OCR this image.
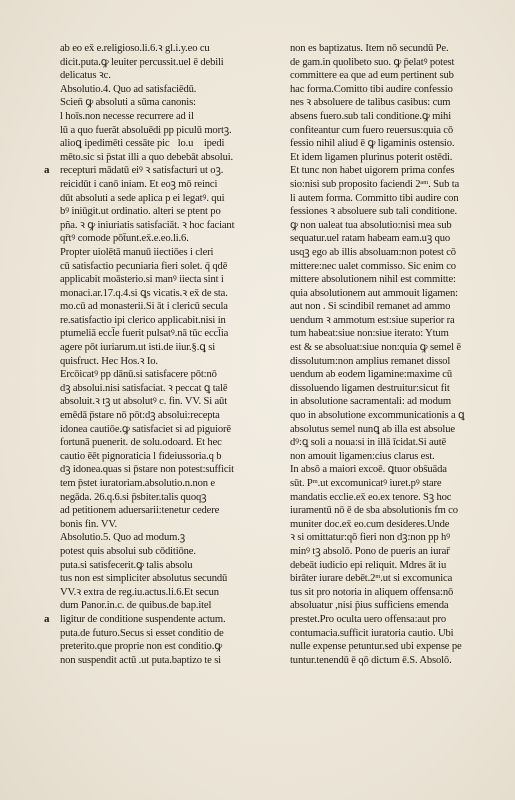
a
a
ab eo ex̄ e.religioso.li.6.ꝛ gl.i.y.eo cu
dicit.puta.ꝙ leuiter percussit.uel ē debili
delicatus ꝛc.
Absolutio.4. Quo ad satisfaciēdū.
Scien̄ ꝙ absoluti a sūma canonis:
l hoīs.non necesse recurrere ad il
lū a quo fuerāt absoluēdi pp piculū mortꝫ.
alioꝗ ipedimēti cessāte picᷣlo.uꝫ ipedi
mēto.sic si p̄stat illi a quo debebāt absolui.
recepturi mādatū eiꝰ ꝛ satisfacturi ut oꝫ.
reicidūt i canō iniam. Et eoꝫ mō reinci
dūt absoluti a sede aplica p ei legatꝰ. qui
bꝰ iniūgit.ut ordinatio. alteri se ptent po
pña. ꝛ ꝙ iniuriatis satisfaciāt. ꝛ hoc faciant
qr̄tꝰ comode pōt̄unt.ex̄.e.eo.li.6.
Propter uiolētā manuū iiectiōes i cleri
cū satisfactio pecuniaria fieri solet. q̄ qdē
applicabit moāsterio.si manꝰ iiecta sint i
monaci.ar.17.q.4.si ꝗs vicatis.ꝛ ex̄ de sta.
mo.cū ad monasterii.Si āt i clericū secula
re.satisfactio ipi clerico applicabit.nisi in
ptumeliā eccl̄e fuerit pulsatꝰ.nā tūc eccl̄ia
agere pōt iuriarum.ut isti.de iiur.§.ꝗ si
quisfruct. Hec Hos.ꝛ Io.
Ercōicatꝰ pp dānū.si satisfacere pōt:nō
dꝫ absolui.nisi satisfaciat. ꝛ peccat ꝗ talē
absoluit.ꝛ tꝫ ut absolutꝰ c. fin. VV. Si aūt
emēdā p̄stare nō pōt:dꝫ absolui:recepta
idonea cautiōe.ꝙ satisfaciet si ad piguiorē
fortunā puenerit. de solu.odoard. Et hec
cautio ēēt pignoraticia l fideiussoria.q b
dꝫ idonea.quas si p̄stare non potest:sufficit
tem p̄stet iuratoriam.absolutio.n.non e
negāda. 26.q.6.si p̄sbiter.talis quoqꝫ
ad petitionem aduersarii:tenetur cedere
bonis fin. VV.
Absolutio.5. Quo ad modum.ꝫ
potest quis absolui sub cōditiōne.
puta.si satisfecerit.ꝙ talis absolu
tus non est simpliciter absolutus secundū
VV.ꝛ extra de reg.iu.actus.li.6.Et secun
dum Panor.in.c. de quibus.de bap.itel
ligitur de conditione suspendente actum.
puta.de futuro.Secus si esset conditio de
preterito.que proprie non est conditio.ꝙ
non suspendit actū .ut puta.baptizo te si
non es baptizatus. Item nō secundū Pe.
de gam.in quolibeto suo. ꝙ p̄elatꝰ potest
committere ea que ad eum pertinent sub
hac forma.Comitto tibi audire confessio
nes ꝛ absoluere de talibus casibus: cum
absens fuero.sub tali conditione.ꝙ mihi
confiteantur cum fuero reuersus:quia cō
fessio nihil aliud ē ꝙ ligaminis ostensio.
Et idem ligamen plurinus poterit ostēdi.
Et tunc non habet uigorem prima confes
sio:nisi sub proposito faciendi 2ᵃᵐ. Sub ta
li autem forma. Committo tibi audire con
fessiones ꝛ absoluere sub tali conditione.
ꝙ non ualeat tua absolutio:nisi mea sub
sequatur.uel ratam habeam eam.uꝫ quo
usqꝫ ego ab illis absoluam:non potest cō
mittere:nec ualet commisso. Sic enim co
mittere absolutionem nihil est committe:
quia absolutionem aut ammouit ligamen:
aut non . Si scindibil remanet ad ammo
uendum ꝛ ammotum est:siue superior ra
tum habeat:siue non:siue iterato: Ytum
est & se absoluat:siue non:quia ꝙ semel ē
dissolutum:non amplius remanet dissol
uendum ab eodem ligamine:maxime cū
dissoluendo ligamen destruitur:sicut fit
in absolutione sacramentali: ad modum
quo in absolutione excommunicationis a ꝗ
absolutus semel nunꝗ ab illa est absolue
dꝰ:ꝗ soli a noua:si in illā īcidat.Si autē
non amouit ligamen:cius clarus est.
In absō a maiori excoē. ꝗtuor obs̄uāda
sūt. Pᵐ.ut excomunicatꝰ iuret.pꝰ stare
mandatis ecclie.ex̄ eo.ex tenore. Sꝫ hoc
iuramentū nō ē de sba absolutionis fm co
muniter doc.ex̄ eo.cum desideres.Unde
ꝛ si omittatur:qō fieri non dꝫ:non pp hꝰ
minꝰ tꝫ absolō. Pono de pueris an iurar̄
debeāt iudicio epi reliquit. Mdres āt iu
birāter iurare debēt.2ᵐ.ut si excomunica
tus sit pro notoria in aliquem offensa:nō
absoluatur ,nisi p̄ius sufficiens emenda
prestet.Pro oculta uero offensa:aut pro
contumacia.sufficit iuratoria cautio. Ubi
nulle expense petuntur.sed ubi expense pe
tuntur.tenendū ē qō dictum ē.S. Absolō.
